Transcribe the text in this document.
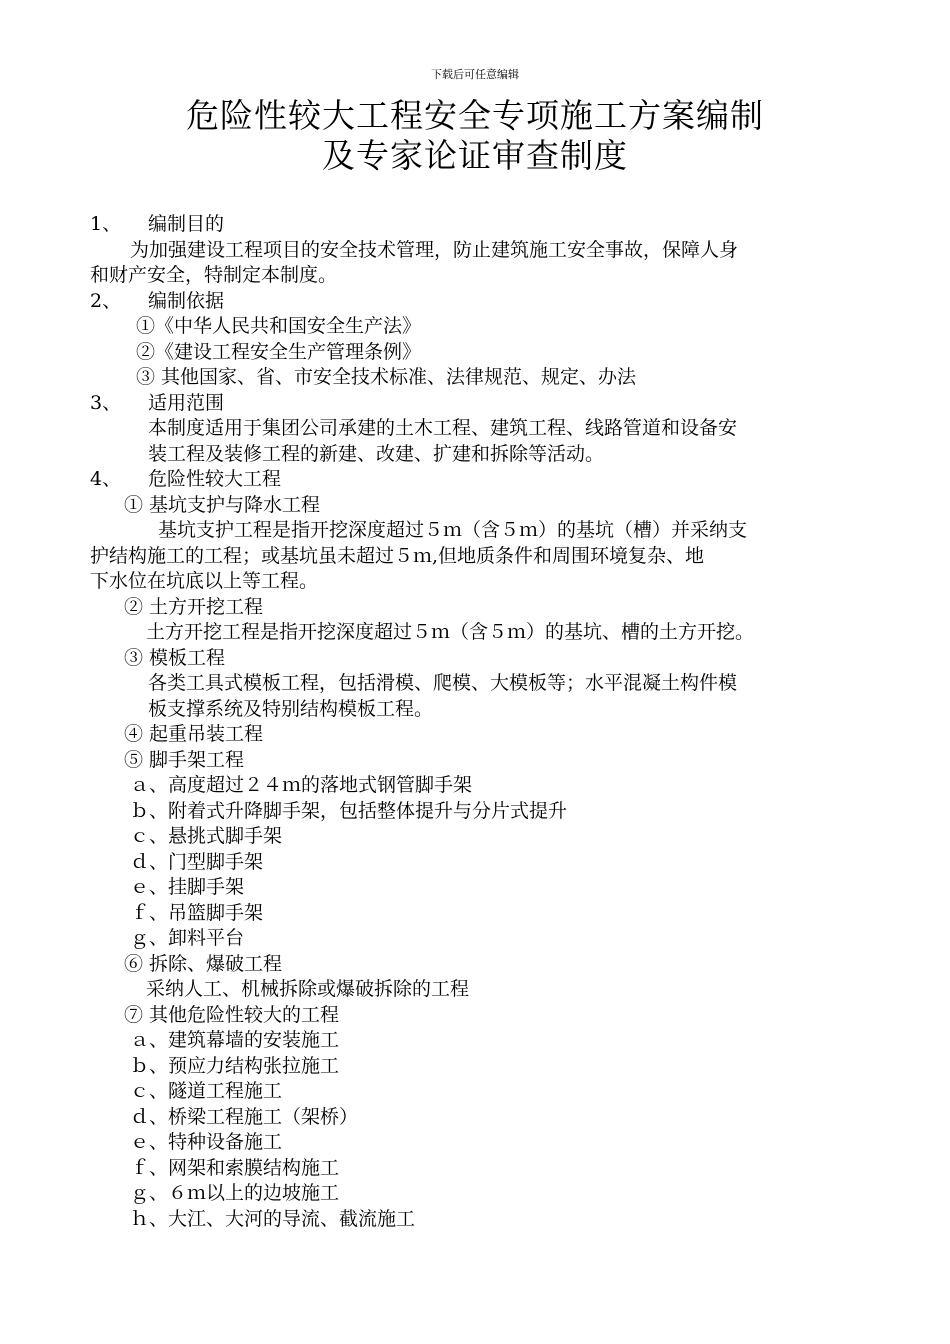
下载后可任意编辑
危险性较大工程安全专项施工方案编制
及专家论证审查制度
1、	编制目的
为加强建设工程项目的安全技术管理，防止建筑施工安全事故，保障人身
和财产安全，特制定本制度。
2、	编制依据
①《中华人民共和国安全生产法》
②《建设工程安全生产管理条例》
③ 其他国家、省、市安全技术标准、法律规范、规定、办法
3、	适用范围
本制度适用于集团公司承建的土木工程、建筑工程、线路管道和设备安
装工程及装修工程的新建、改建、扩建和拆除等活动。
4、	危险性较大工程
① 基坑支护与降水工程
基坑支护工程是指开挖深度超过５ｍ（含５ｍ）的基坑（槽）并采纳支
护结构施工的工程；或基坑虽未超过５ｍ,但地质条件和周围环境复杂、地
下水位在坑底以上等工程。
② 土方开挖工程
土方开挖工程是指开挖深度超过５ｍ（含５ｍ）的基坑、槽的土方开挖。
③ 模板工程
各类工具式模板工程，包括滑模、爬模、大模板等；水平混凝土构件模
板支撑系统及特别结构模板工程。
④ 起重吊装工程
⑤ 脚手架工程
ａ、高度超过２４ｍ的落地式钢管脚手架
ｂ、附着式升降脚手架，包括整体提升与分片式提升
ｃ、悬挑式脚手架
ｄ、门型脚手架
ｅ、挂脚手架
ｆ、吊篮脚手架
ｇ、卸料平台
⑥ 拆除、爆破工程
采纳人工、机械拆除或爆破拆除的工程
⑦ 其他危险性较大的工程
ａ、建筑幕墙的安装施工
ｂ、预应力结构张拉施工
ｃ、隧道工程施工
ｄ、桥梁工程施工（架桥）
ｅ、特种设备施工
ｆ、网架和索膜结构施工
ｇ、６ｍ以上的边坡施工
ｈ、大江、大河的导流、截流施工
